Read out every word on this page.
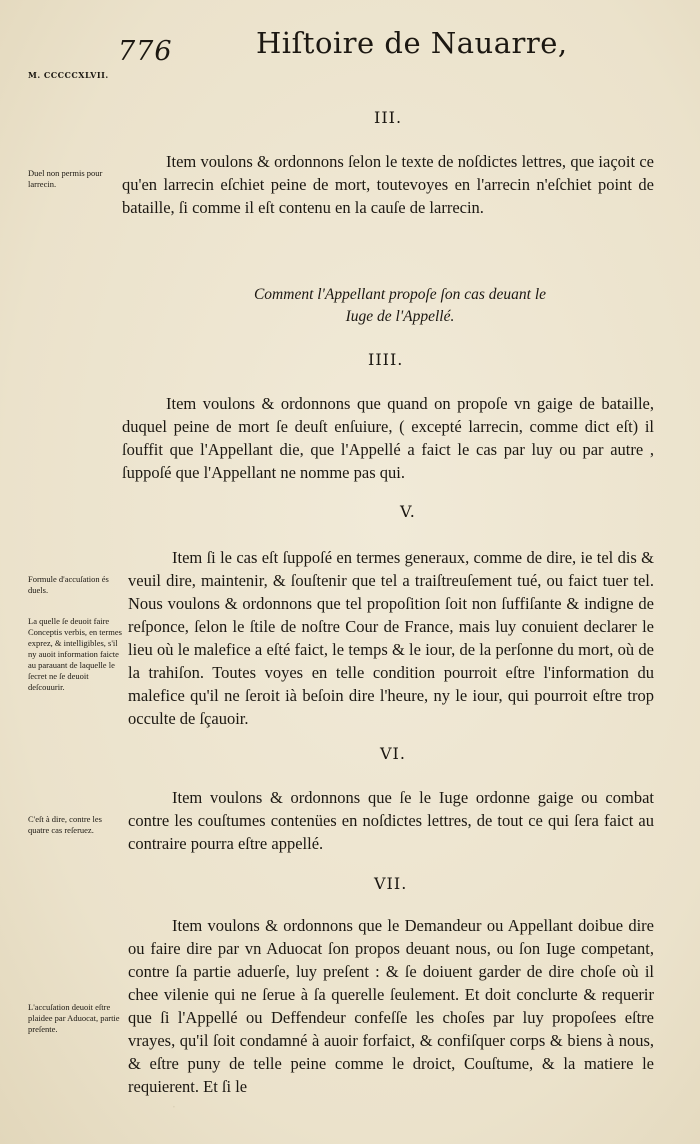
776	Hiſtoire de Nauarre,
M. CCCCCXLVII.
III.

Item voulons & ordonnons ſelon le texte de noſdictes lettres, que iaçoit ce qu'en larrecin eſchiet peine de mort, toutevoyes en l'arrecin n'eſchiet point de bataille, ſi comme il eſt contenu en la cauſe de larrecin.

Comment l'Appellant propoſe ſon cas deuant le
Iuge de l'Appellé.
IIII.

Item voulons & ordonnons que quand on propoſe vn gaige de bataille, duquel peine de mort ſe deuſt enſuiure, ( excepté larrecin, comme dict eſt) il ſouffit que l'Appellant die, que l'Appellé a faict le cas par luy ou par autre , ſuppoſé que l'Appellant ne nomme pas qui.

V.

Item ſi le cas eſt ſuppoſé en termes generaux, comme de dire, ie tel dis & veuil dire, maintenir, & ſouſtenir que tel a traiſtreuſement tué, ou faict tuer tel. Nous voulons & ordonnons que tel propoſition ſoit non ſuffiſante & indigne de reſponce, ſelon le ſtile de noſtre Cour de France, mais luy conuient declarer le lieu où le malefice a eſté faict, le temps & le iour, de la perſonne du mort, où de la trahiſon. Toutes voyes en telle condition pourroit eſtre l'information du malefice qu'il ne ſeroit ià beſoin dire l'heure, ny le iour, qui pourroit eſtre trop occulte de ſçauoir.

VI.

Item voulons & ordonnons que ſe le Iuge ordonne gaige ou combat contre les couſtumes contenües en noſdictes lettres, de tout ce qui ſera faict au contraire pourra eſtre appellé.

VII.

Item voulons & ordonnons que le Demandeur ou Appellant doibue dire ou faire dire par vn Aduocat ſon propos deuant nous, ou ſon Iuge competant, contre ſa partie aduerſe, luy preſent : & ſe doiuent garder de dire choſe où il chee vilenie qui ne ſerue à ſa querelle ſeulement. Et doit conclurte & requerir que ſi l'Appellé ou Deffendeur confeſſe les choſes par luy propoſees eſtre vrayes, qu'il ſoit condamné à auoir forfaict, & confiſquer corps & biens à nous, & eſtre puny de telle peine comme le droict, Couſtume, & la matiere le requierent. Et ſi le

Duel non permis pour larrecin.
Formule d'accuſation és duels.
La quelle ſe deuoit faire Conceptis verbis, en termes exprez, & intelligibles, s'il ny auoit information faicte au parauant de laquelle le ſecret ne ſe deuoit deſcouurir.
C'eſt à dire, contre les quatre cas reſeruez.
L'accuſation deuoit eſtre plaidee par Aduocat, partie preſente.
·
